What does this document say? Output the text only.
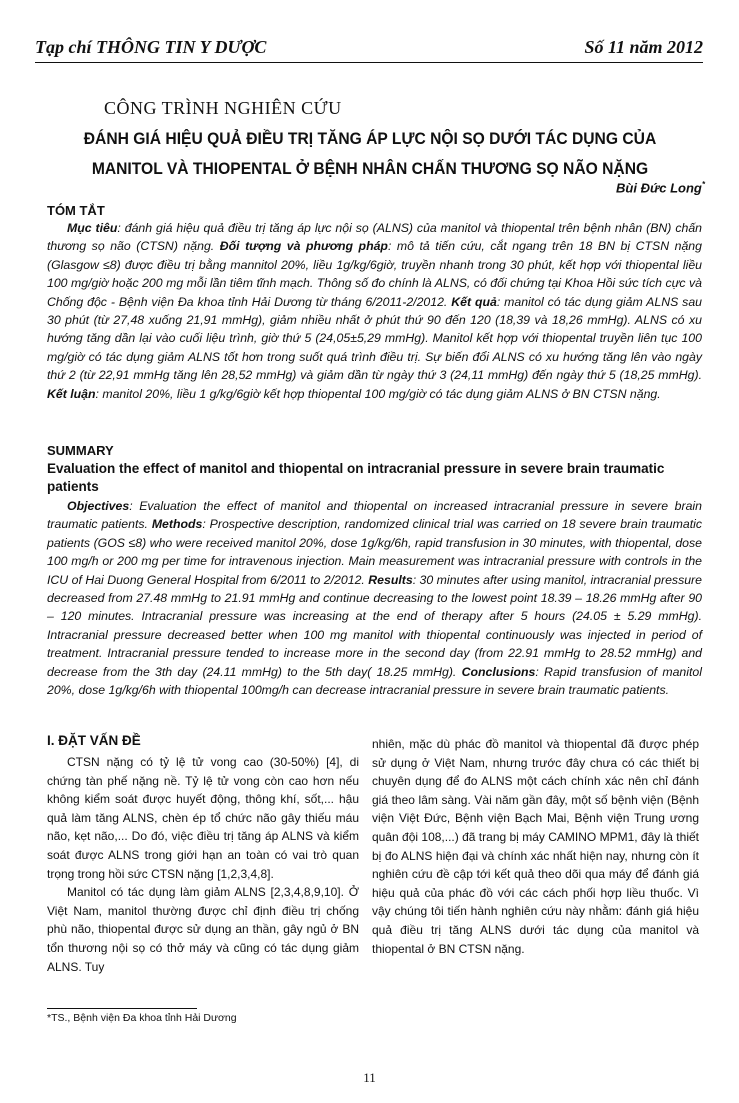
Tạp chí THÔNG TIN Y DƯỢC	Số 11 năm 2012
CÔNG TRÌNH NGHIÊN CỨU
ĐÁNH GIÁ HIỆU QUẢ ĐIỀU TRỊ TĂNG ÁP LỰC NỘI SỌ DƯỚI TÁC DỤNG CỦA
MANITOL VÀ THIOPENTAL Ở BỆNH NHÂN CHẤN THƯƠNG SỌ NÃO NẶNG
Bùi Đức Long*
TÓM TẮT
Mục tiêu: đánh giá hiệu quả điều trị tăng áp lực nội sọ (ALNS) của manitol và thiopental trên bệnh nhân (BN) chấn thương sọ não (CTSN) nặng. Đối tượng và phương pháp: mô tả tiến cứu, cắt ngang trên 18 BN bị CTSN nặng (Glasgow ≤8) được điều trị bằng mannitol 20%, liều 1g/kg/6giờ, truyền nhanh trong 30 phút, kết hợp với thiopental liều 100 mg/giờ hoặc 200 mg mỗi lần tiêm tĩnh mạch. Thông số đo chính là ALNS, có đối chứng tại Khoa Hồi sức tích cực và Chống độc - Bệnh viện Đa khoa tỉnh Hải Dương từ tháng 6/2011-2/2012. Kết quả: manitol có tác dụng giảm ALNS sau 30 phút (từ 27,48 xuống 21,91 mmHg), giảm nhiều nhất ở phút thứ 90 đến 120 (18,39 và 18,26 mmHg). ALNS có xu hướng tăng dần lại vào cuối liệu trình, giờ thứ 5 (24,05±5,29 mmHg). Manitol kết hợp với thiopental truyền liên tục 100 mg/giờ có tác dụng giảm ALNS tốt hơn trong suốt quá trình điều trị. Sự biến đổi ALNS có xu hướng tăng lên vào ngày thứ 2 (từ 22,91 mmHg tăng lên 28,52 mmHg) và giảm dần từ ngày thứ 3 (24,11 mmHg) đến ngày thứ 5 (18,25 mmHg). Kết luận: manitol 20%, liều 1 g/kg/6giờ kết hợp thiopental 100 mg/giờ có tác dụng giảm ALNS ở BN CTSN nặng.
SUMMARY
Evaluation the effect of manitol and thiopental on intracranial pressure in severe brain traumatic patients
Objectives: Evaluation the effect of manitol and thiopental on increased intracranial pressure in severe brain traumatic patients. Methods: Prospective description, randomized clinical trial was carried on 18 severe brain traumatic patients (GOS ≤8) who were received manitol 20%, dose 1g/kg/6h, rapid transfusion in 30 minutes, with thiopental, dose 100 mg/h or 200 mg per time for intravenous injection. Main measurement was intracranial pressure with controls in the ICU of Hai Duong General Hospital from 6/2011 to 2/2012. Results: 30 minutes after using manitol, intracranial pressure decreased from 27.48 mmHg to 21.91 mmHg and continue decreasing to the lowest point 18.39 – 18.26 mmHg after 90 – 120 minutes. Intracranial pressure was increasing at the end of therapy after 5 hours (24.05 ± 5.29 mmHg). Intracranial pressure decreased better when 100 mg manitol with thiopental continuously was injected in period of treatment. Intracranial pressure tended to increase more in the second day (from 22.91 mmHg to 28.52 mmHg) and decrease from the 3th day (24.11 mmHg) to the 5th day( 18.25 mmHg). Conclusions: Rapid transfusion of manitol 20%, dose 1g/kg/6h with thiopental 100mg/h can decrease intracranial pressure in severe brain traumatic patients.
I. ĐẶT VẤN ĐỀ

CTSN nặng có tỷ lệ tử vong cao (30-50%) [4], di chứng tàn phế nặng nề. Tỷ lệ tử vong còn cao hơn nếu không kiểm soát được huyết động, thông khí, sốt,... hậu quả làm tăng ALNS, chèn ép tổ chức não gây thiếu máu não, kẹt não,... Do đó, việc điều trị tăng áp ALNS và kiểm soát được ALNS trong giới hạn an toàn có vai trò quan trọng trong hồi sức CTSN nặng [1,2,3,4,8].

Manitol có tác dụng làm giảm ALNS [2,3,4,8,9,10]. Ở Việt Nam, manitol thường được chỉ định điều trị chống phù não, thiopental được sử dụng an thần, gây ngủ ở BN tổn thương nội sọ có thở máy và cũng có tác dụng giảm ALNS. Tuy

nhiên, mặc dù phác đồ manitol và thiopental đã được phép sử dụng ở Việt Nam, nhưng trước đây chưa có các thiết bị chuyên dụng để đo ALNS một cách chính xác nên chỉ đánh giá theo lâm sàng. Vài năm gần đây, một số bệnh viện (Bệnh viện Việt Đức, Bệnh viện Bạch Mai, Bệnh viện Trung ương quân đội 108,...) đã trang bị máy CAMINO MPM1, đây là thiết bị đo ALNS hiện đại và chính xác nhất hiện nay, nhưng còn ít nghiên cứu đề cập tới kết quả theo dõi qua máy để đánh giá hiệu quả của phác đồ với các cách phối hợp liều thuốc. Vì vậy chúng tôi tiến hành nghiên cứu này nhằm: đánh giá hiệu quả điều trị tăng ALNS dưới tác dụng của manitol và thiopental ở BN CTSN nặng.

*TS., Bệnh viện Đa khoa tỉnh Hải Dương
11
